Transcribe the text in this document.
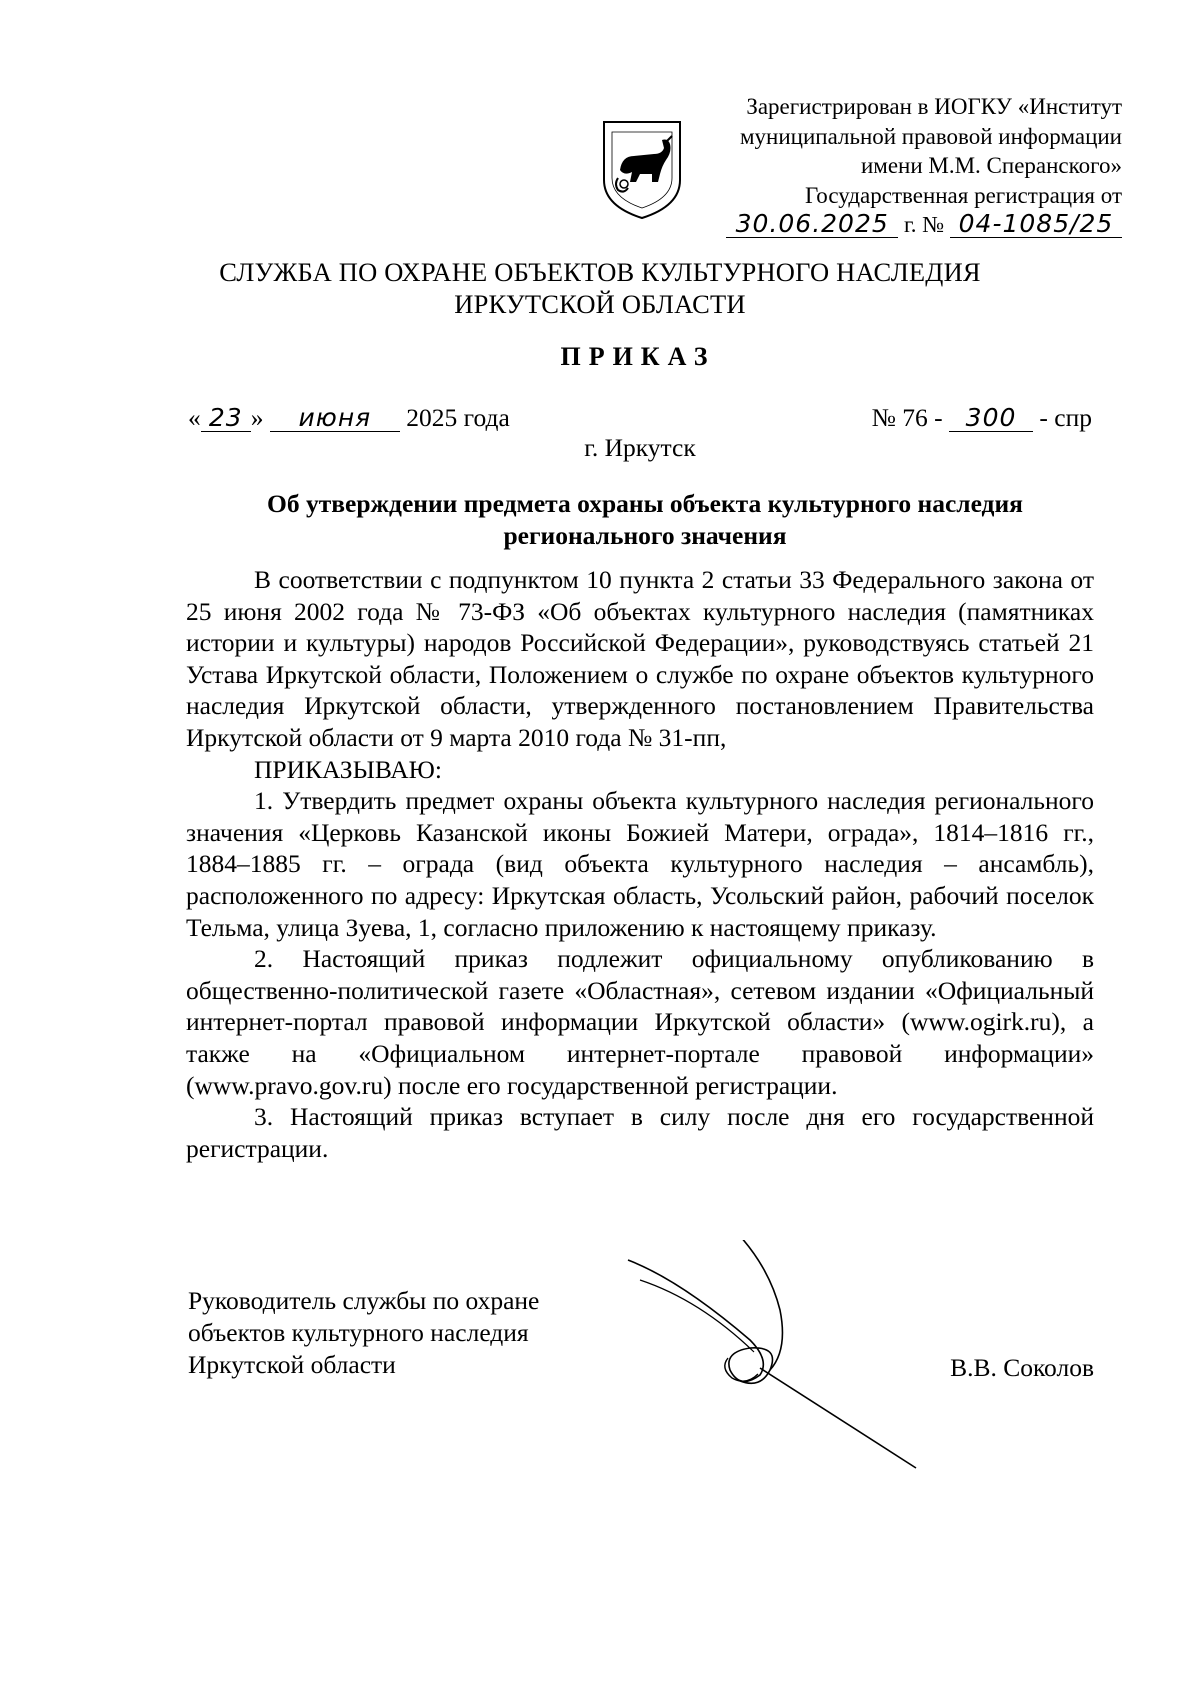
Зарегистрирован в ИОГКУ «Институт
муниципальной правовой информации
имени М.М. Сперанского»
Государственная регистрация от
30.06.2025 г. № 04-1085/25
СЛУЖБА ПО ОХРАНЕ ОБЪЕКТОВ КУЛЬТУРНОГО НАСЛЕДИЯ
ИРКУТСКОЙ ОБЛАСТИ
ПРИКАЗ
« 23 » июня 2025 года	№ 76 - 300 - спр
г. Иркутск
Об утверждении предмета охраны объекта культурного наследия
регионального значения

В соответствии с подпунктом 10 пункта 2 статьи 33 Федерального закона от 25 июня 2002 года № 73-ФЗ «Об объектах культурного наследия (памятниках истории и культуры) народов Российской Федерации», руководствуясь статьей 21 Устава Иркутской области, Положением о службе по охране объектов культурного наследия Иркутской области, утвержденного постановлением Правительства Иркутской области от 9 марта 2010 года № 31-пп,

ПРИКАЗЫВАЮ:

1. Утвердить предмет охраны объекта культурного наследия регионального значения «Церковь Казанской иконы Божией Матери, ограда», 1814–1816 гг., 1884–1885 гг. – ограда (вид объекта культурного наследия – ансамбль), расположенного по адресу: Иркутская область, Усольский район, рабочий поселок Тельма, улица Зуева, 1, согласно приложению к настоящему приказу.

2. Настоящий приказ подлежит официальному опубликованию в общественно-политической газете «Областная», сетевом издании «Официальный интернет-портал правовой информации Иркутской области» (www.ogirk.ru), а также на «Официальном интернет-портале правовой информации» (www.pravo.gov.ru) после его государственной регистрации.

3. Настоящий приказ вступает в силу после дня его государственной регистрации.

Руководитель службы по охране
объектов культурного наследия
Иркутской области	В.В. Соколов
